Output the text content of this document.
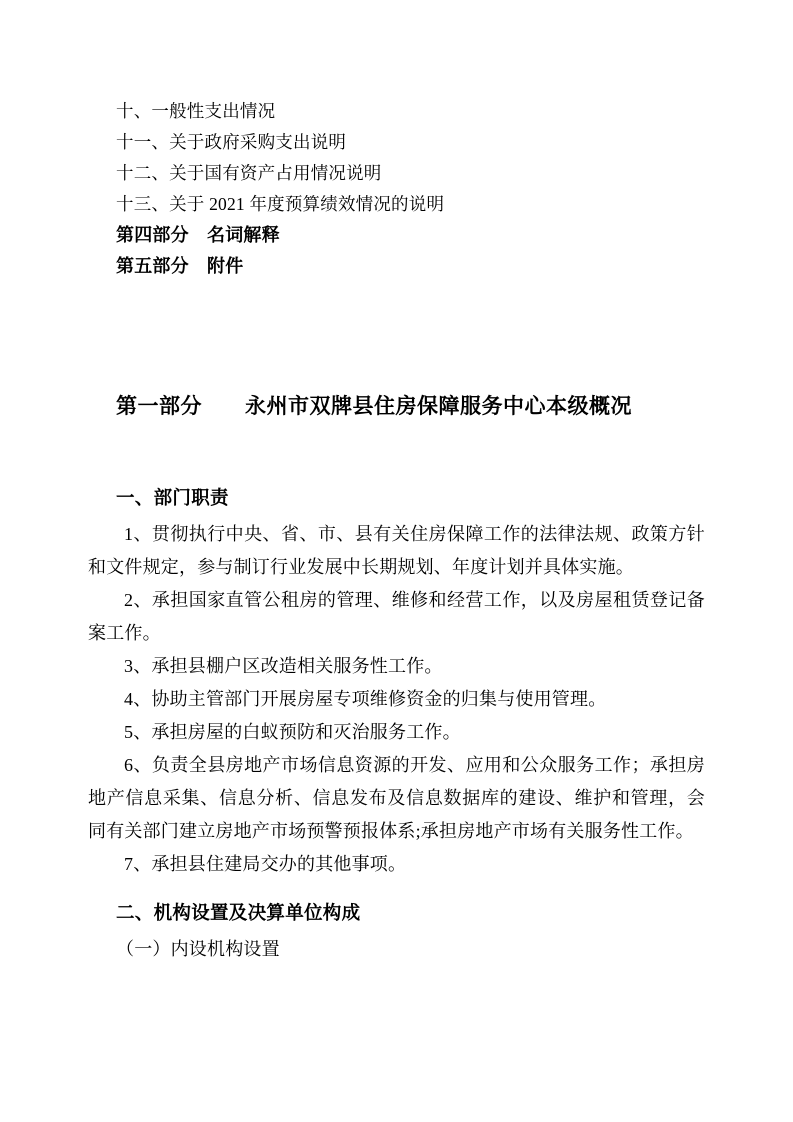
十、一般性支出情况
十一、关于政府采购支出说明
十二、关于国有资产占用情况说明
十三、关于 2021 年度预算绩效情况的说明
第四部分　名词解释
第五部分　附件
第一部分　　永州市双牌县住房保障服务中心本级概况
一、部门职责

1、贯彻执行中央、省、市、县有关住房保障工作的法律法规、政策方针和文件规定，参与制订行业发展中长期规划、年度计划并具体实施。

2、承担国家直管公租房的管理、维修和经营工作，以及房屋租赁登记备案工作。

3、承担县棚户区改造相关服务性工作。

4、协助主管部门开展房屋专项维修资金的归集与使用管理。

5、承担房屋的白蚁预防和灭治服务工作。

6、负责全县房地产市场信息资源的开发、应用和公众服务工作；承担房地产信息采集、信息分析、信息发布及信息数据库的建设、维护和管理，会同有关部门建立房地产市场预警预报体系;承担房地产市场有关服务性工作。

7、承担县住建局交办的其他事项。

二、机构设置及决算单位构成

（一）内设机构设置
